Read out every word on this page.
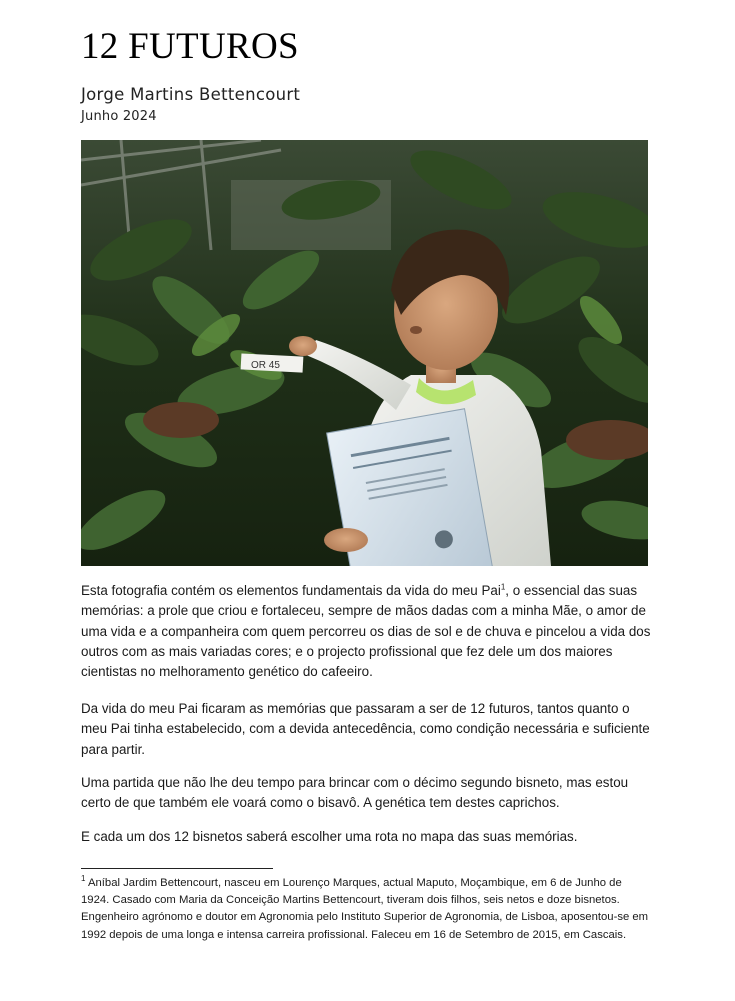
12 FUTUROS
Jorge Martins Bettencourt
Junho 2024
OR 45

Esta fotografia contém os elementos fundamentais da vida do meu Pai$^1$, o essencial das suas memórias: a prole que criou e fortaleceu, sempre de mãos dadas com a minha Mãe, o amor de uma vida e a companheira com quem percorreu os dias de sol e de chuva e pincelou a vida dos outros com as mais variadas cores; e o projecto profissional que fez dele um dos maiores cientistas no melhoramento genético do cafeeiro.

Da vida do meu Pai ficaram as memórias que passaram a ser de 12 futuros, tantos quanto o meu Pai tinha estabelecido, com a devida antecedência, como condição necessária e suficiente para partir.

Uma partida que não lhe deu tempo para brincar com o décimo segundo bisneto, mas estou certo de que também ele voará como o bisavô. A genética tem destes caprichos.

E cada um dos 12 bisnetos saberá escolher uma rota no mapa das suas memórias.

$^1$ Aníbal Jardim Bettencourt, nasceu em Lourenço Marques, actual Maputo, Moçambique, em 6 de Junho de 1924. Casado com Maria da Conceição Martins Bettencourt, tiveram dois filhos, seis netos e doze bisnetos. Engenheiro agrónomo e doutor em Agronomia pelo Instituto Superior de Agronomia, de Lisboa, aposentou-se em 1992 depois de uma longa e intensa carreira profissional. Faleceu em 16 de Setembro de 2015, em Cascais.
